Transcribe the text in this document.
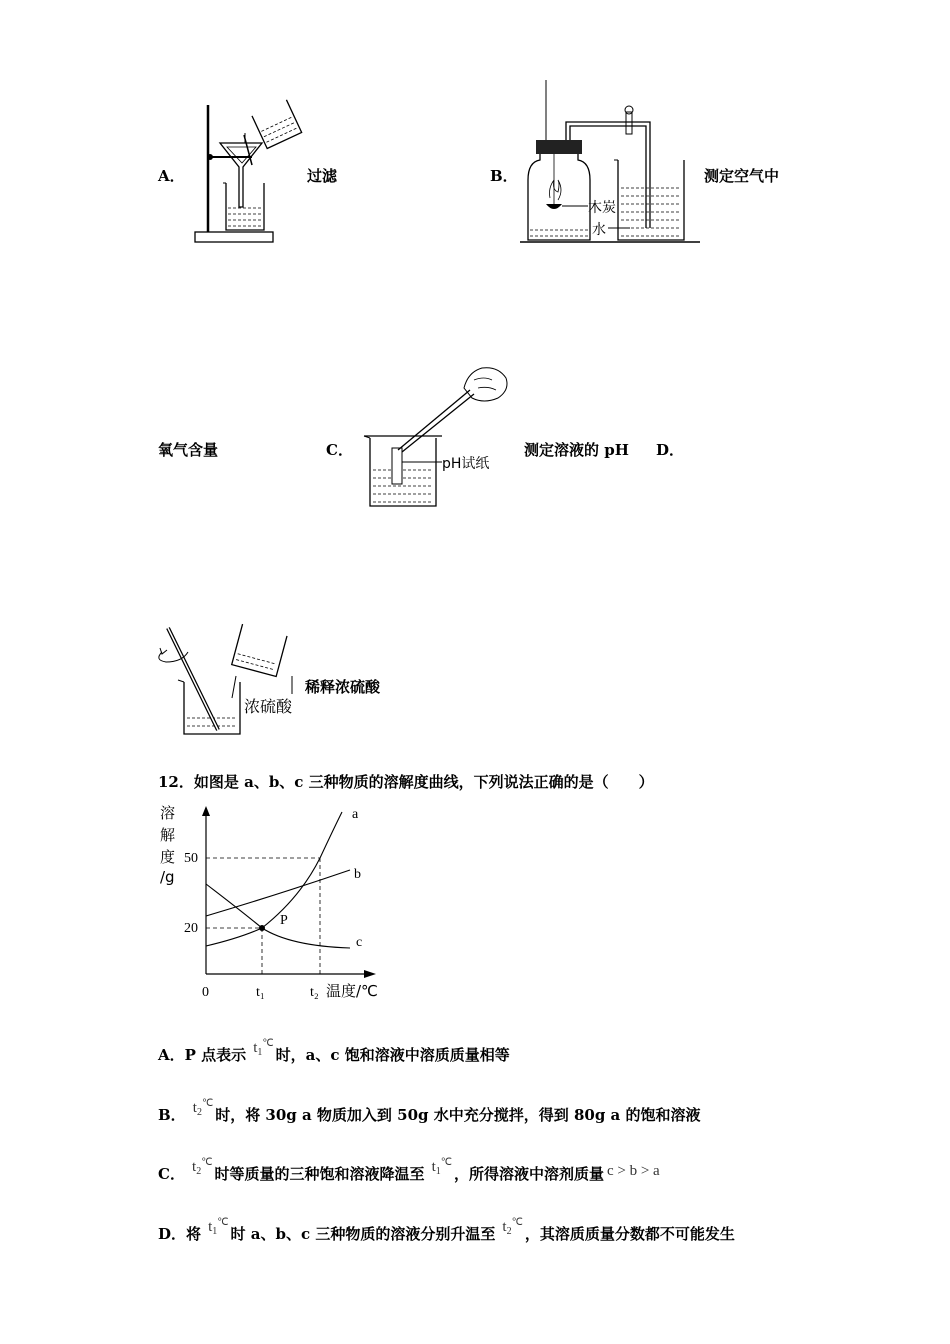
A．	过滤	B．
木炭
水
测定空气中
氧气含量	C．
pH试纸
测定溶液的 pH D．
浓硫酸
稀释浓硫酸
12．如图是 a、b、c 三种物质的溶解度曲线，下列说法正确的是（　　）
溶
解
度
/g
a
b
c
P
50
20
0	t₁	t₂ 温度/℃
A．P 点表示 $t_1^℃$时，a、c 饱和溶液中溶质质量相等
B． $t_2^℃$时，将 30g a 物质加入到 50g 水中充分搅拌，得到 80g a 的饱和溶液
C． $t_2^℃$时等质量的三种饱和溶液降温至 $t_1^℃$，所得溶液中溶剂质量 c > b > a
D．将 $t_1^℃$时 a、b、c 三种物质的溶液分别升温至 $t_2^℃$，其溶质质量分数都不可能发生
